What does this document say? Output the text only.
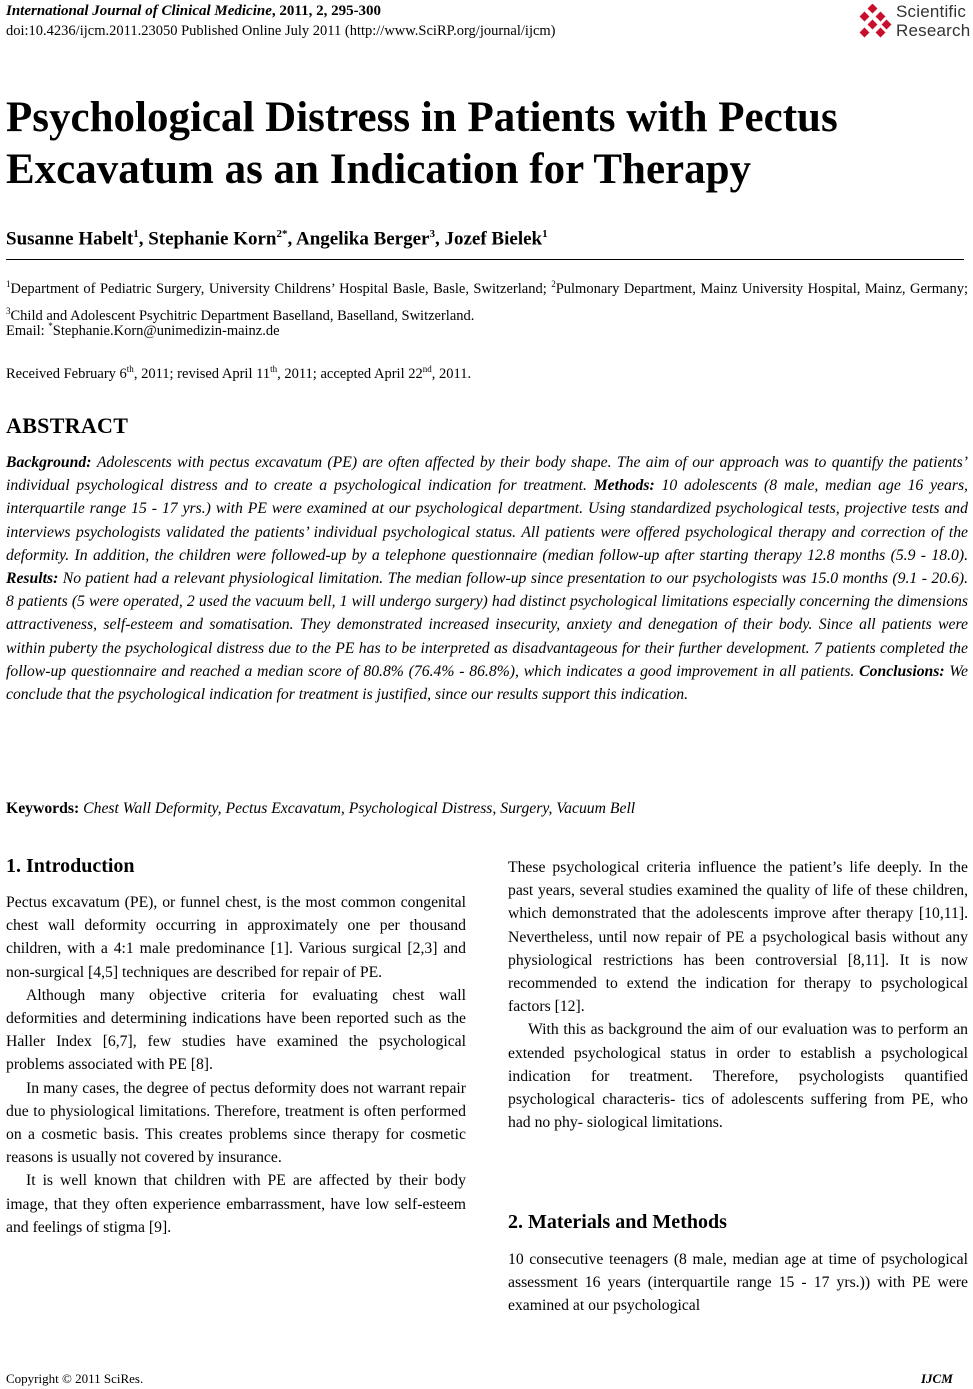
International Journal of Clinical Medicine, 2011, 2, 295-300
doi:10.4236/ijcm.2011.23050 Published Online July 2011 (http://www.SciRP.org/journal/ijcm)
Scientific
Research
Psychological Distress in Patients with Pectus Excavatum as an Indication for Therapy
Susanne Habelt$^1$, Stephanie Korn$^{2*}$, Angelika Berger$^3$, Jozef Bielek$^1$
$^1$Department of Pediatric Surgery, University Childrens’ Hospital Basle, Basle, Switzerland; $^2$Pulmonary Department, Mainz University Hospital, Mainz, Germany; $^3$Child and Adolescent Psychitric Department Baselland, Baselland, Switzerland.
Email: *Stephanie.Korn@unimedizin-mainz.de
Received February 6th, 2011; revised April 11th, 2011; accepted April 22nd, 2011.
ABSTRACT
Background: Adolescents with pectus excavatum (PE) are often affected by their body shape. The aim of our approach was to quantify the patients’ individual psychological distress and to create a psychological indication for treatment. Methods: 10 adolescents (8 male, median age 16 years, interquartile range 15 - 17 yrs.) with PE were examined at our psychological department. Using standardized psychological tests, projective tests and interviews psychologists validated the patients’ individual psychological status. All patients were offered psychological therapy and correction of the deformity. In addition, the children were followed-up by a telephone questionnaire (median follow-up after starting therapy 12.8 months (5.9 - 18.0). Results: No patient had a relevant physiological limitation. The median follow-up since presentation to our psychologists was 15.0 months (9.1 - 20.6). 8 patients (5 were operated, 2 used the vacuum bell, 1 will undergo surgery) had distinct psychological limitations especially concerning the dimensions attractiveness, self-esteem and somatisation. They demonstrated increased insecurity, anxiety and denegation of their body. Since all patients were within puberty the psychological distress due to the PE has to be interpreted as disadvantageous for their further development. 7 patients completed the follow-up questionnaire and reached a median score of 80.8% (76.4% - 86.8%), which indicates a good improvement in all patients. Conclusions: We conclude that the psychological indication for treatment is justified, since our results support this indication.
Keywords: Chest Wall Deformity, Pectus Excavatum, Psychological Distress, Surgery, Vacuum Bell
1. Introduction

Pectus excavatum (PE), or funnel chest, is the most common congenital chest wall deformity occurring in approximately one per thousand children, with a 4:1 male predominance [1]. Various surgical [2,3] and non-surgical [4,5] techniques are described for repair of PE.

Although many objective criteria for evaluating chest wall deformities and determining indications have been reported such as the Haller Index [6,7], few studies have examined the psychological problems associated with PE [8].

In many cases, the degree of pectus deformity does not warrant repair due to physiological limitations. Therefore, treatment is often performed on a cosmetic basis. This creates problems since therapy for cosmetic reasons is usually not covered by insurance.

It is well known that children with PE are affected by their body image, that they often experience embarrassment, have low self-esteem and feelings of stigma [9].

These psychological criteria influence the patient’s life deeply. In the past years, several studies examined the quality of life of these children, which demonstrated that the adolescents improve after therapy [10,11]. Nevertheless, until now repair of PE a psychological basis without any physiological restrictions has been controversial [8,11]. It is now recommended to extend the indication for therapy to psychological factors [12].

With this as background the aim of our evaluation was to perform an extended psychological status in order to establish a psychological indication for treatment. Therefore, psychologists quantified psychological characteris- tics of adolescents suffering from PE, who had no phy- siological limitations.

2. Materials and Methods

10 consecutive teenagers (8 male, median age at time of psychological assessment 16 years (interquartile range 15 - 17 yrs.)) with PE were examined at our psychological

Copyright © 2011 SciRes.	IJCM
